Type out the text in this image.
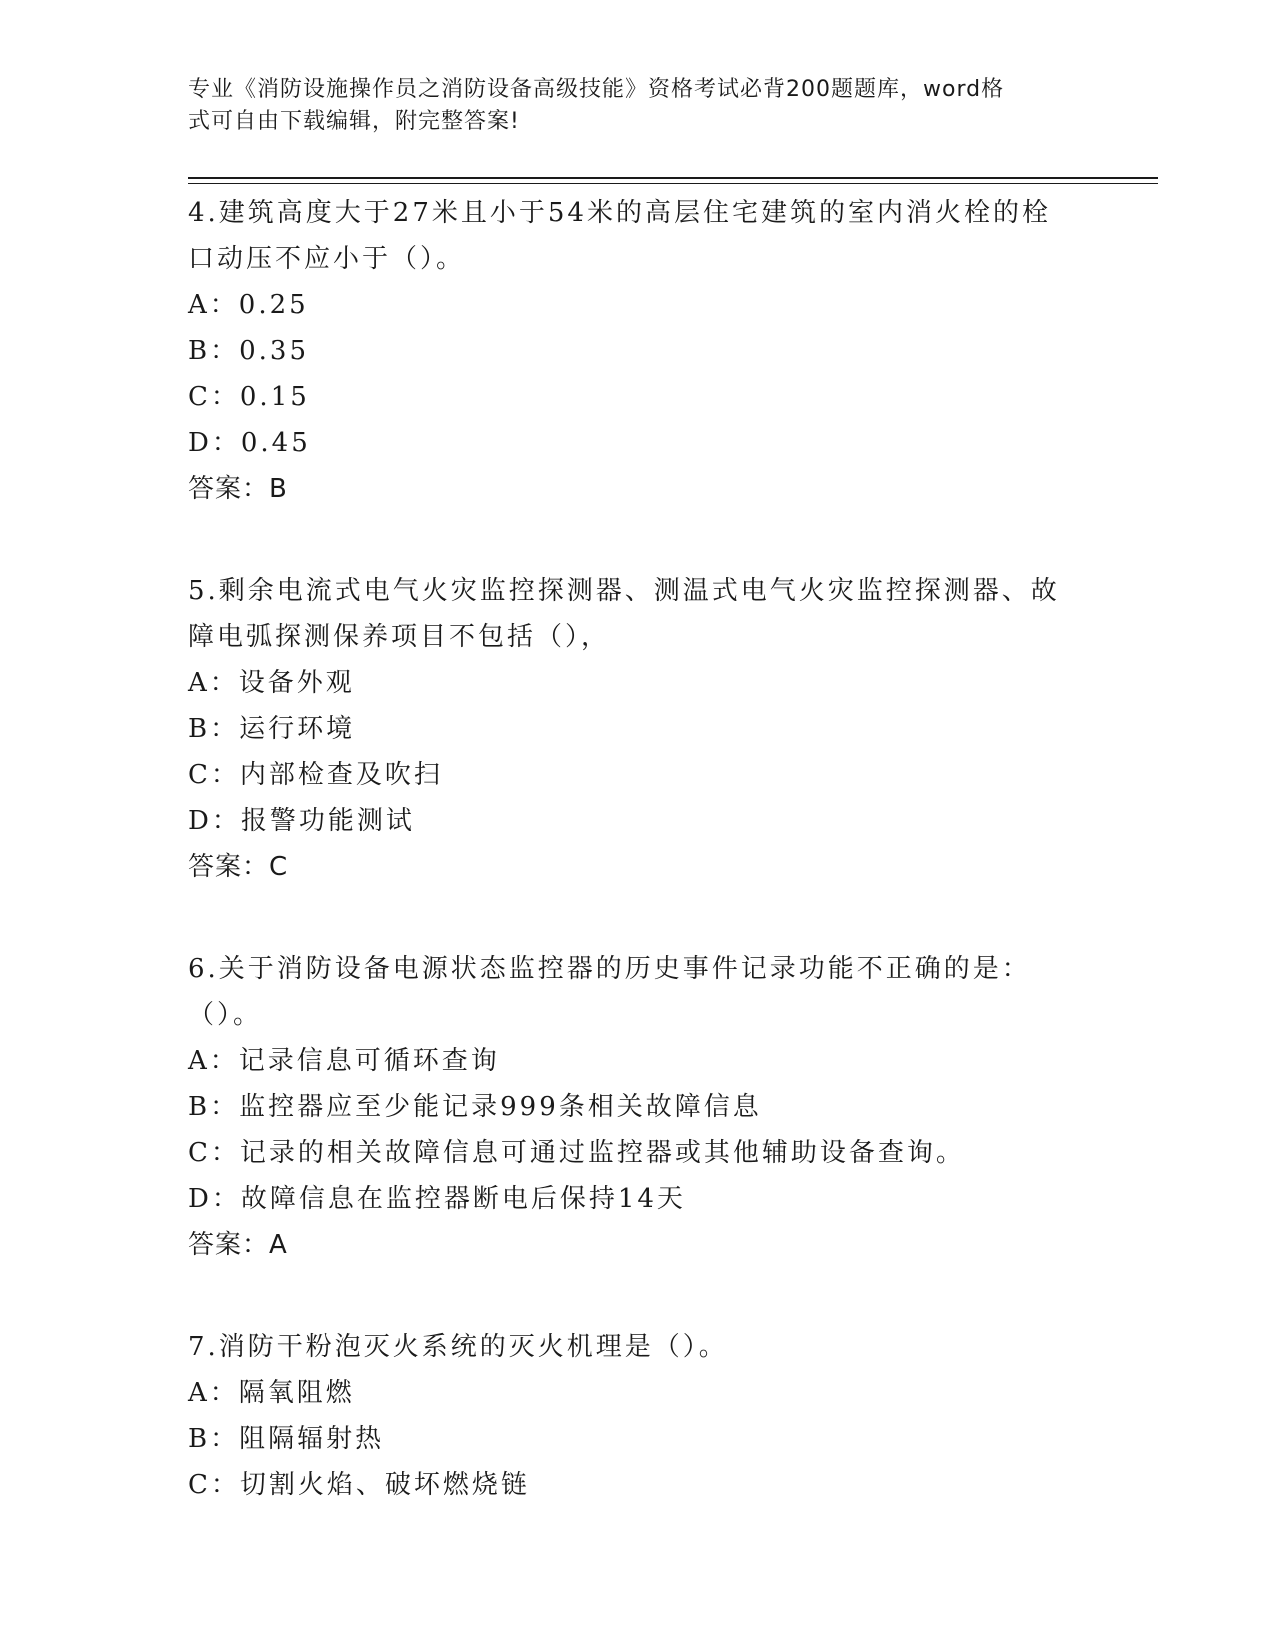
专业《消防设施操作员之消防设备高级技能》资格考试必背200题题库，word格
式可自由下载编辑，附完整答案!

4.建筑高度大于27米且小于54米的高层住宅建筑的室内消火栓的栓口动压不应小于（）。

A：0.25

B：0.35

C：0.15

D：0.45

答案：B

5.剩余电流式电气火灾监控探测器、测温式电气火灾监控探测器、故障电弧探测保养项目不包括（），

A：设备外观

B：运行环境

C：内部检查及吹扫

D：报警功能测试

答案：C

6.关于消防设备电源状态监控器的历史事件记录功能不正确的是：（）。

A：记录信息可循环查询

B：监控器应至少能记录999条相关故障信息

C：记录的相关故障信息可通过监控器或其他辅助设备查询。

D：故障信息在监控器断电后保持14天

答案：A

7.消防干粉泡灭火系统的灭火机理是（）。

A：隔氧阻燃

B：阻隔辐射热

C：切割火焰、破坏燃烧链
